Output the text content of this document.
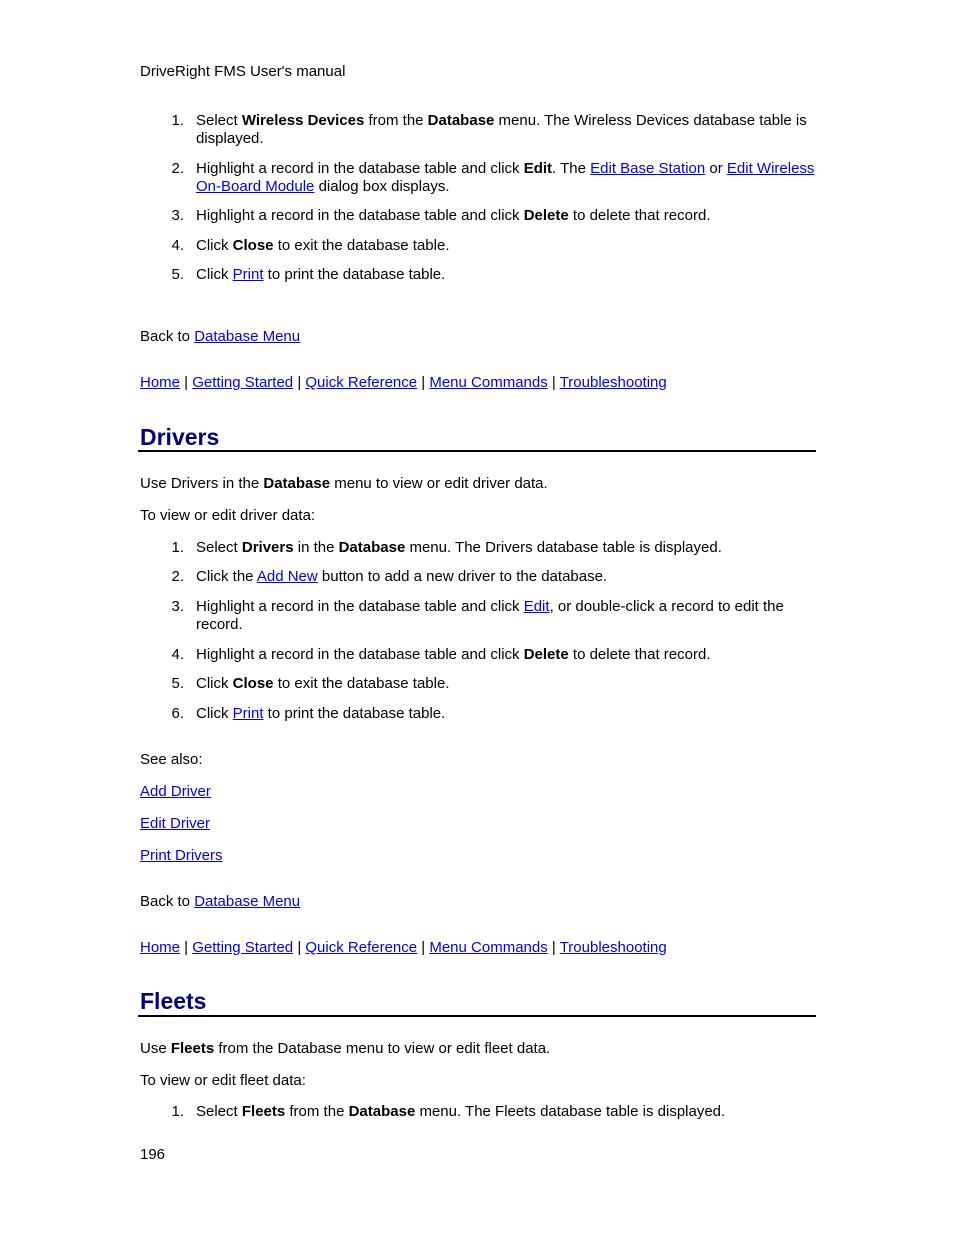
DriveRight FMS User's manual
1. Select Wireless Devices from the Database menu. The Wireless Devices database table is displayed.
2. Highlight a record in the database table and click Edit. The Edit Base Station or Edit Wireless On-Board Module dialog box displays.
3. Highlight a record in the database table and click Delete to delete that record.
4. Click Close to exit the database table.
5. Click Print to print the database table.
Back to Database Menu
Home | Getting Started | Quick Reference | Menu Commands | Troubleshooting
Drivers
Use Drivers in the Database menu to view or edit driver data.
To view or edit driver data:
1. Select Drivers in the Database menu. The Drivers database table is displayed.
2. Click the Add New button to add a new driver to the database.
3. Highlight a record in the database table and click Edit, or double-click a record to edit the record.
4. Highlight a record in the database table and click Delete to delete that record.
5. Click Close to exit the database table.
6. Click Print to print the database table.
See also:
Add Driver
Edit Driver
Print Drivers
Back to Database Menu
Home | Getting Started | Quick Reference | Menu Commands | Troubleshooting
Fleets
Use Fleets from the Database menu to view or edit fleet data.
To view or edit fleet data:
1. Select Fleets from the Database menu. The Fleets database table is displayed.
196
